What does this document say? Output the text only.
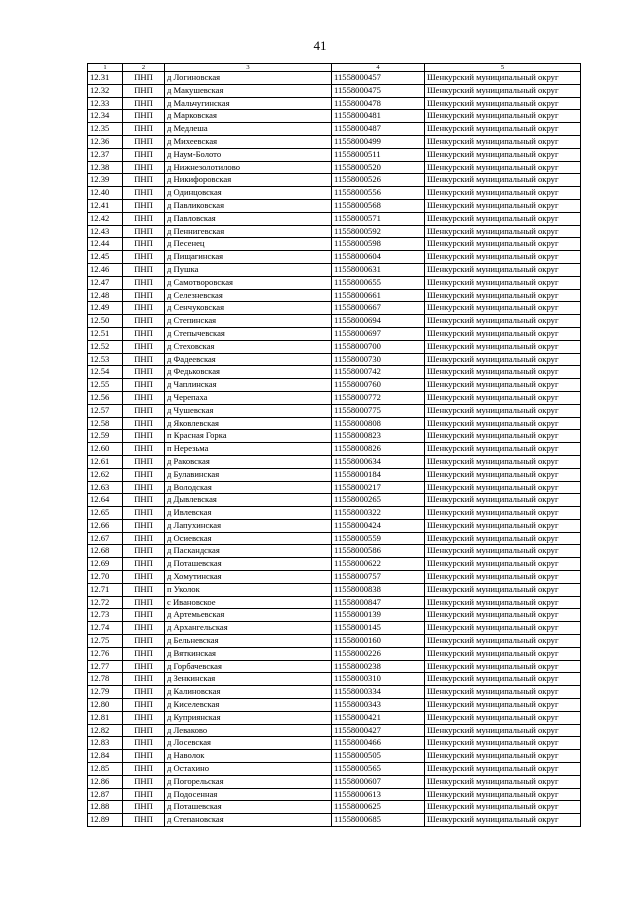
41
1	2	3	4	5
12.31	ПНП	д Логиновская	11558000457	Шенкурский муниципальный округ
12.32	ПНП	д Макушевская	11558000475	Шенкурский муниципальный округ
12.33	ПНП	д Мальчугинская	11558000478	Шенкурский муниципальный округ
12.34	ПНП	д Марковская	11558000481	Шенкурский муниципальный округ
12.35	ПНП	д Медлеша	11558000487	Шенкурский муниципальный округ
12.36	ПНП	д Михеевская	11558000499	Шенкурский муниципальный округ
12.37	ПНП	д Наум-Болото	11558000511	Шенкурский муниципальный округ
12.38	ПНП	д Нижнезолотилово	11558000520	Шенкурский муниципальный округ
12.39	ПНП	д Никифоровская	11558000526	Шенкурский муниципальный округ
12.40	ПНП	д Одинцовская	11558000556	Шенкурский муниципальный округ
12.41	ПНП	д Павликовская	11558000568	Шенкурский муниципальный округ
12.42	ПНП	д Павловская	11558000571	Шенкурский муниципальный округ
12.43	ПНП	д Пеннигевская	11558000592	Шенкурский муниципальный округ
12.44	ПНП	д Песенец	11558000598	Шенкурский муниципальный округ
12.45	ПНП	д Пищагинская	11558000604	Шенкурский муниципальный округ
12.46	ПНП	д Пушка	11558000631	Шенкурский муниципальный округ
12.47	ПНП	д Самотворовская	11558000655	Шенкурский муниципальный округ
12.48	ПНП	д Селезневская	11558000661	Шенкурский муниципальный округ
12.49	ПНП	д Сенчуковская	11558000667	Шенкурский муниципальный округ
12.50	ПНП	д Степинская	11558000694	Шенкурский муниципальный округ
12.51	ПНП	д Степычевская	11558000697	Шенкурский муниципальный округ
12.52	ПНП	д Стеховская	11558000700	Шенкурский муниципальный округ
12.53	ПНП	д Фадеевская	11558000730	Шенкурский муниципальный округ
12.54	ПНП	д Федьковская	11558000742	Шенкурский муниципальный округ
12.55	ПНП	д Чаплинская	11558000760	Шенкурский муниципальный округ
12.56	ПНП	д Черепаха	11558000772	Шенкурский муниципальный округ
12.57	ПНП	д Чушевская	11558000775	Шенкурский муниципальный округ
12.58	ПНП	д Яковлевская	11558000808	Шенкурский муниципальный округ
12.59	ПНП	п Красная Горка	11558000823	Шенкурский муниципальный округ
12.60	ПНП	п Нерезьма	11558000826	Шенкурский муниципальный округ
12.61	ПНП	д Раковская	11558000634	Шенкурский муниципальный округ
12.62	ПНП	д Булавинская	11558000184	Шенкурский муниципальный округ
12.63	ПНП	д Володская	11558000217	Шенкурский муниципальный округ
12.64	ПНП	д Дывлевская	11558000265	Шенкурский муниципальный округ
12.65	ПНП	д Ивлевская	11558000322	Шенкурский муниципальный округ
12.66	ПНП	д Лапухинская	11558000424	Шенкурский муниципальный округ
12.67	ПНП	д Осиевская	11558000559	Шенкурский муниципальный округ
12.68	ПНП	д Паскандская	11558000586	Шенкурский муниципальный округ
12.69	ПНП	д Поташевская	11558000622	Шенкурский муниципальный округ
12.70	ПНП	д Хомутинская	11558000757	Шенкурский муниципальный округ
12.71	ПНП	п Уколок	11558000838	Шенкурский муниципальный округ
12.72	ПНП	с Ивановское	11558000847	Шенкурский муниципальный округ
12.73	ПНП	д Артемьевская	11558000139	Шенкурский муниципальный округ
12.74	ПНП	д Архангельская	11558000145	Шенкурский муниципальный округ
12.75	ПНП	д Бельневская	11558000160	Шенкурский муниципальный округ
12.76	ПНП	д Вяткинская	11558000226	Шенкурский муниципальный округ
12.77	ПНП	д Горбачевская	11558000238	Шенкурский муниципальный округ
12.78	ПНП	д Зенкинская	11558000310	Шенкурский муниципальный округ
12.79	ПНП	д Калиновская	11558000334	Шенкурский муниципальный округ
12.80	ПНП	д Киселевская	11558000343	Шенкурский муниципальный округ
12.81	ПНП	д Куприянская	11558000421	Шенкурский муниципальный округ
12.82	ПНП	д Леваково	11558000427	Шенкурский муниципальный округ
12.83	ПНП	д Лосевская	11558000466	Шенкурский муниципальный округ
12.84	ПНП	д Наволок	11558000505	Шенкурский муниципальный округ
12.85	ПНП	д Остахино	11558000565	Шенкурский муниципальный округ
12.86	ПНП	д Погорельская	11558000607	Шенкурский муниципальный округ
12.87	ПНП	д Подосенная	11558000613	Шенкурский муниципальный округ
12.88	ПНП	д Поташевская	11558000625	Шенкурский муниципальный округ
12.89	ПНП	д Степановская	11558000685	Шенкурский муниципальный округ
